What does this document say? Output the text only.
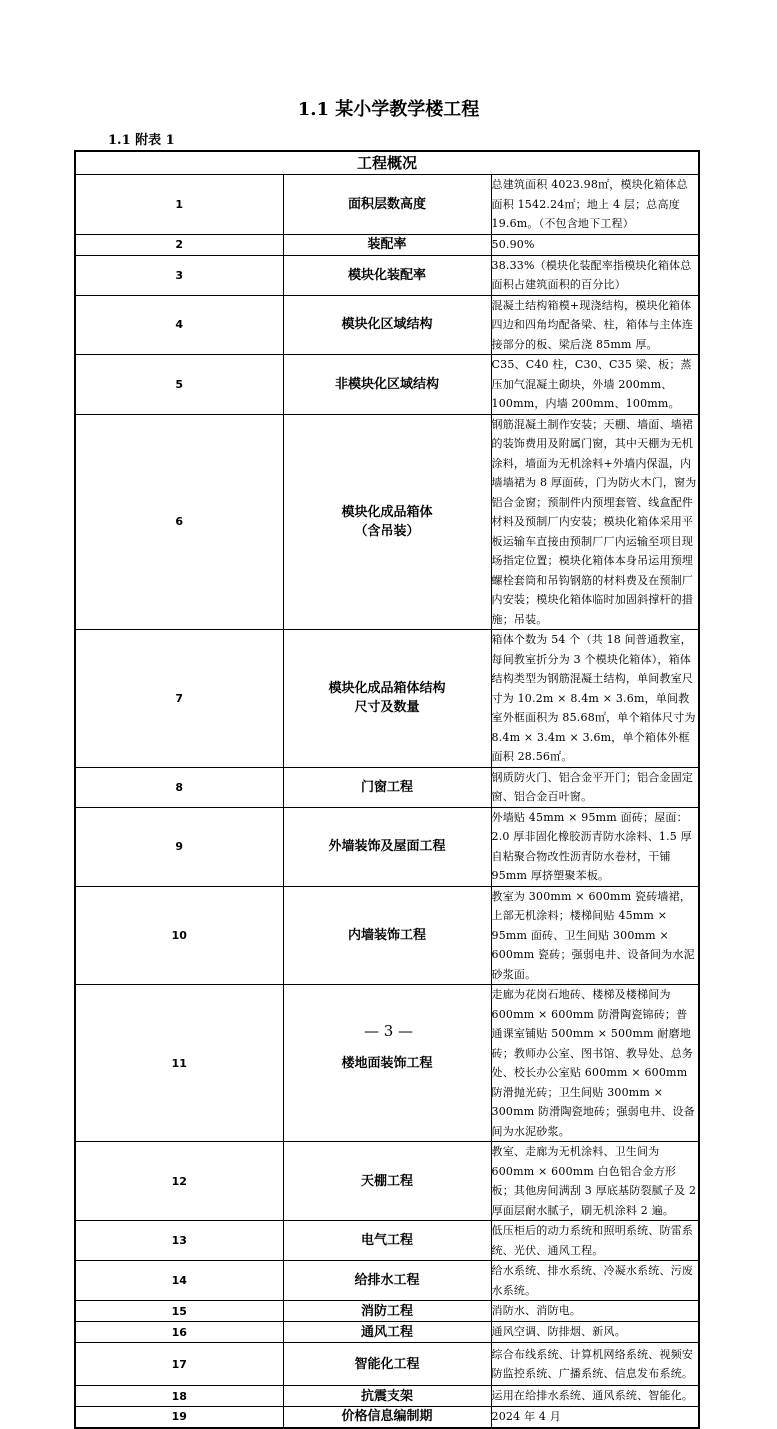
1.1 某小学教学楼工程
1.1 附表 1
工程概况		
1	面积层数高度	总建筑面积 4023.98㎡，模块化箱体总面积 1542.24㎡；地上 4 层；总高度 19.6m。（不包含地下工程）
2	装配率	50.90%
3	模块化装配率	38.33%（模块化装配率指模块化箱体总面积占建筑面积的百分比）
4	模块化区域结构	混凝土结构箱模+现浇结构，模块化箱体四边和四角均配备梁、柱，箱体与主体连接部分的板、梁后浇 85mm 厚。
5	非模块化区域结构	C35、C40 柱，C30、C35 梁、板；蒸压加气混凝土砌块，外墙 200mm、100mm，内墙 200mm、100mm。
6	模块化成品箱体
（含吊装）	钢筋混凝土制作安装；天棚、墙面、墙裙的装饰费用及附属门窗，其中天棚为无机涂料，墙面为无机涂料+外墙内保温，内墙墙裙为 8 厚面砖，门为防火木门，窗为铝合金窗；预制件内预埋套管、线盒配件材料及预制厂内安装；模块化箱体采用平板运输车直接由预制厂厂内运输至项目现场指定位置；模块化箱体本身吊运用预埋螺栓套筒和吊钩钢筋的材料费及在预制厂内安装；模块化箱体临时加固斜撑杆的措施；吊装。
7	模块化成品箱体结构
尺寸及数量	箱体个数为 54 个（共 18 间普通教室，每间教室折分为 3 个模块化箱体），箱体结构类型为钢筋混凝土结构，单间教室尺寸为 10.2m × 8.4m × 3.6m，单间教室外框面积为 85.68㎡，单个箱体尺寸为 8.4m × 3.4m × 3.6m，单个箱体外框面积 28.56㎡。
8	门窗工程	钢质防火门、铝合金平开门；铝合金固定窗、铝合金百叶窗。
9	外墙装饰及屋面工程	外墙贴 45mm × 95mm 面砖；屋面：2.0 厚非固化橡胶沥青防水涂料、1.5 厚自粘聚合物改性沥青防水卷材，干铺 95mm 厚挤塑聚苯板。
10	内墙装饰工程	教室为 300mm × 600mm 瓷砖墙裙，上部无机涂料；楼梯间贴 45mm × 95mm 面砖、卫生间贴 300mm × 600mm 瓷砖；强弱电井、设备间为水泥砂浆面。
11	楼地面装饰工程	走廊为花岗石地砖、楼梯及楼梯间为 600mm × 600mm 防滑陶瓷锦砖；普通课室铺贴 500mm × 500mm 耐磨地砖；教师办公室、图书馆、教导处、总务处、校长办公室贴 600mm × 600mm 防滑抛光砖；卫生间贴 300mm × 300mm 防滑陶瓷地砖；强弱电井、设备间为水泥砂浆。
12	天棚工程	教室、走廊为无机涂料、卫生间为 600mm × 600mm 白色铝合金方形板；其他房间满刮 3 厚底基防裂腻子及 2 厚面层耐水腻子，刷无机涂料 2 遍。
13	电气工程	低压柜后的动力系统和照明系统、防雷系统、光伏、通风工程。
14	给排水工程	给水系统、排水系统、冷凝水系统、污废水系统。
15	消防工程	消防水、消防电。
16	通风工程	通风空调、防排烟、新风。
17	智能化工程	综合布线系统、计算机网络系统、视频安防监控系统、广播系统、信息发布系统。
18	抗震支架	运用在给排水系统、通风系统、智能化。
19	价格信息编制期	2024 年 4 月
— 3 —
